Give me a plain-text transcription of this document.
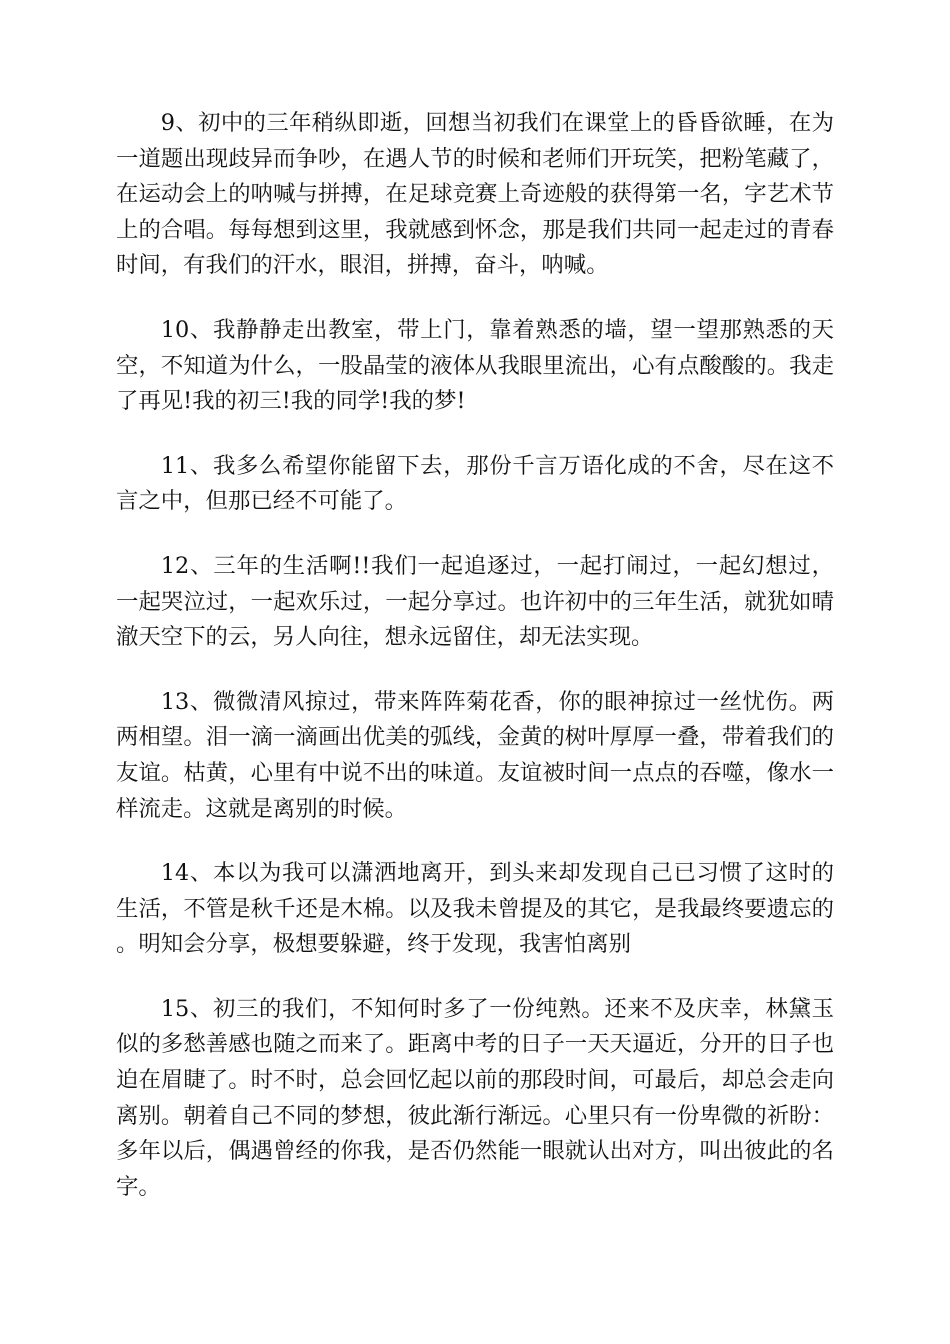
9、初中的三年稍纵即逝，回想当初我们在课堂上的昏昏欲睡，在为一道题出现歧异而争吵，在遇人节的时候和老师们开玩笑，把粉笔藏了，在运动会上的呐喊与拼搏，在足球竞赛上奇迹般的获得第一名，字艺术节上的合唱。每每想到这里，我就感到怀念，那是我们共同一起走过的青春时间，有我们的汗水，眼泪，拼搏，奋斗，呐喊。

10、我静静走出教室，带上门，靠着熟悉的墙，望一望那熟悉的天空，不知道为什么，一股晶莹的液体从我眼里流出，心有点酸酸的。我走了再见!我的初三!我的同学!我的梦!

11、我多么希望你能留下去，那份千言万语化成的不舍，尽在这不言之中，但那已经不可能了。

12、三年的生活啊!!我们一起追逐过，一起打闹过，一起幻想过，一起哭泣过，一起欢乐过，一起分享过。也许初中的三年生活，就犹如晴澈天空下的云，另人向往，想永远留住，却无法实现。

13、微微清风掠过，带来阵阵菊花香，你的眼神掠过一丝忧伤。两两相望。泪一滴一滴画出优美的弧线，金黄的树叶厚厚一叠，带着我们的友谊。枯黄，心里有中说不出的味道。友谊被时间一点点的吞噬，像水一样流走。这就是离别的时候。

14、本以为我可以潇洒地离开，到头来却发现自己已习惯了这时的生活，不管是秋千还是木棉。以及我未曾提及的其它，是我最终要遗忘的。明知会分享，极想要躲避，终于发现，我害怕离别

15、初三的我们，不知何时多了一份纯熟。还来不及庆幸，林黛玉似的多愁善感也随之而来了。距离中考的日子一天天逼近，分开的日子也迫在眉睫了。时不时，总会回忆起以前的那段时间，可最后，却总会走向离别。朝着自己不同的梦想，彼此渐行渐远。心里只有一份卑微的祈盼：多年以后，偶遇曾经的你我，是否仍然能一眼就认出对方，叫出彼此的名字。
